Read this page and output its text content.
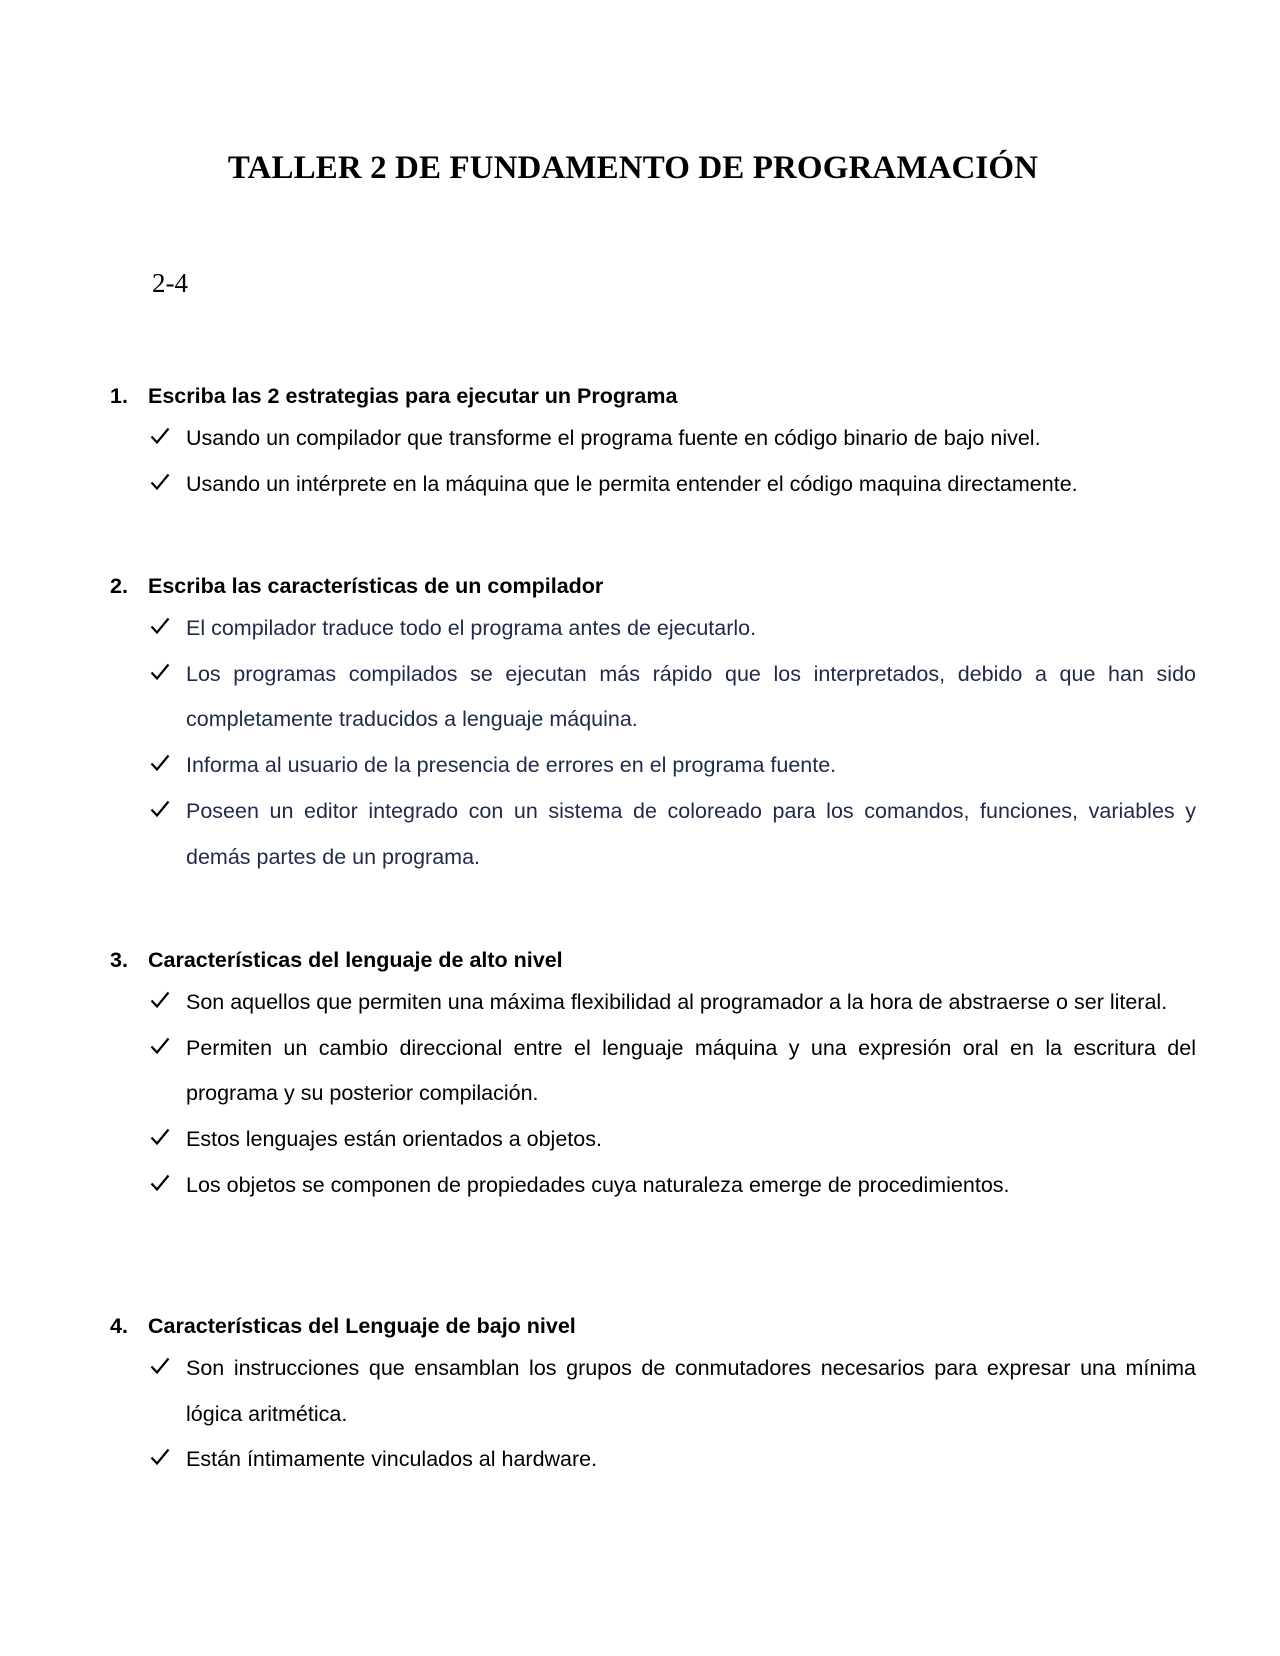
TALLER 2 DE FUNDAMENTO DE PROGRAMACIÓN
2-4
1. Escriba las 2 estrategias para ejecutar un Programa
Usando un compilador que transforme el programa fuente en código binario de bajo nivel.
Usando un intérprete en la máquina que le permita entender el código maquina directamente.
2. Escriba las características de un compilador
El compilador traduce todo el programa antes de ejecutarlo.
Los programas compilados se ejecutan más rápido que los interpretados, debido a que han sido completamente traducidos a lenguaje máquina.
Informa al usuario de la presencia de errores en el programa fuente.
Poseen un editor integrado con un sistema de coloreado para los comandos, funciones, variables y demás partes de un programa.
3. Características del lenguaje de alto nivel
Son aquellos que permiten una máxima flexibilidad al programador a la hora de abstraerse o ser literal.
Permiten un cambio direccional entre el lenguaje máquina y una expresión oral en la escritura del programa y su posterior compilación.
Estos lenguajes están orientados a objetos.
Los objetos se componen de propiedades cuya naturaleza emerge de procedimientos.
4. Características del Lenguaje de bajo nivel
Son instrucciones que ensamblan los grupos de conmutadores necesarios para expresar una mínima lógica aritmética.
Están íntimamente vinculados al hardware.
